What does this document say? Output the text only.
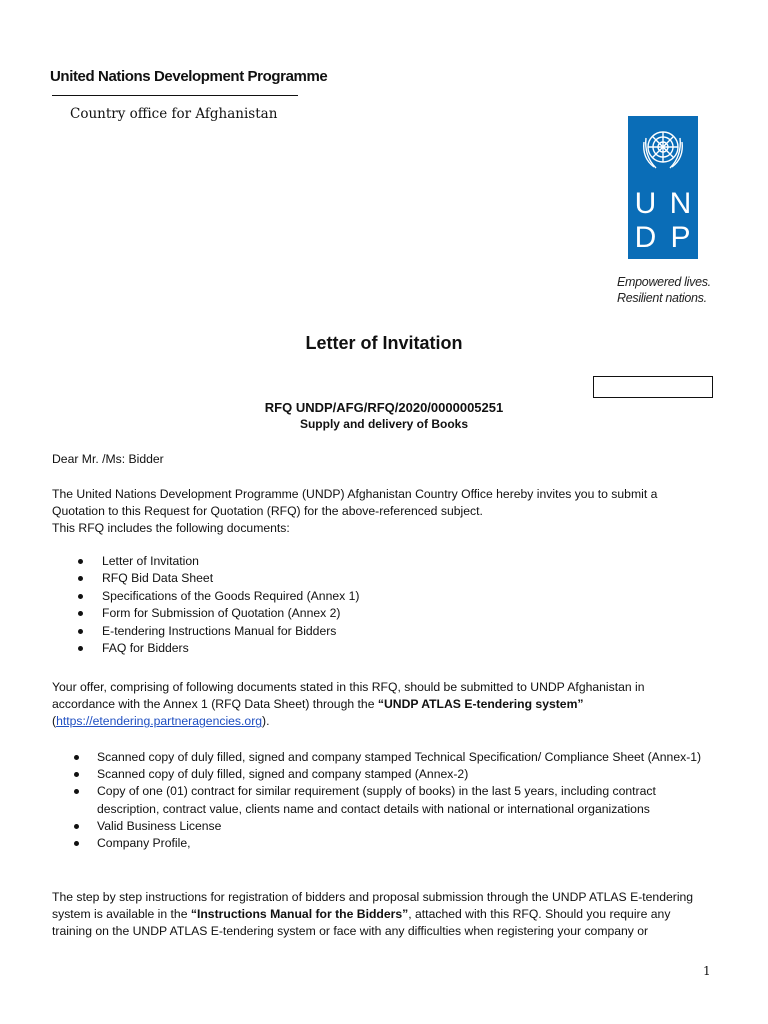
United Nations Development Programme
Country office for Afghanistan
U N
D P
Empowered lives.
Resilient nations.
Letter of Invitation
RFQ UNDP/AFG/RFQ/2020/0000005251
Supply and delivery of Books
Dear Mr. /Ms: Bidder
The United Nations Development Programme (UNDP) Afghanistan Country Office hereby invites you to submit a
Quotation to this Request for Quotation (RFQ) for the above-referenced subject.
This RFQ includes the following documents:
Letter of Invitation
RFQ Bid Data Sheet
Specifications of the Goods Required (Annex 1)
Form for Submission of Quotation (Annex 2)
E-tendering Instructions Manual for Bidders
FAQ for Bidders
Your offer, comprising of following documents stated in this RFQ, should be submitted to UNDP Afghanistan in
accordance with the Annex 1 (RFQ Data Sheet) through the “UNDP ATLAS E-tendering system”
(https://etendering.partneragencies.org).
Scanned copy of duly filled, signed and company stamped Technical Specification/ Compliance Sheet (Annex-1)
Scanned copy of duly filled, signed and company stamped (Annex-2)
Copy of one (01) contract for similar requirement (supply of books) in the last 5 years, including contract description, contract value, clients name and contact details with national or international organizations
Valid Business License
Company Profile,
The step by step instructions for registration of bidders and proposal submission through the UNDP ATLAS E-tendering
system is available in the “Instructions Manual for the Bidders”, attached with this RFQ. Should you require any
training on the UNDP ATLAS E-tendering system or face with any difficulties when registering your company or
1
